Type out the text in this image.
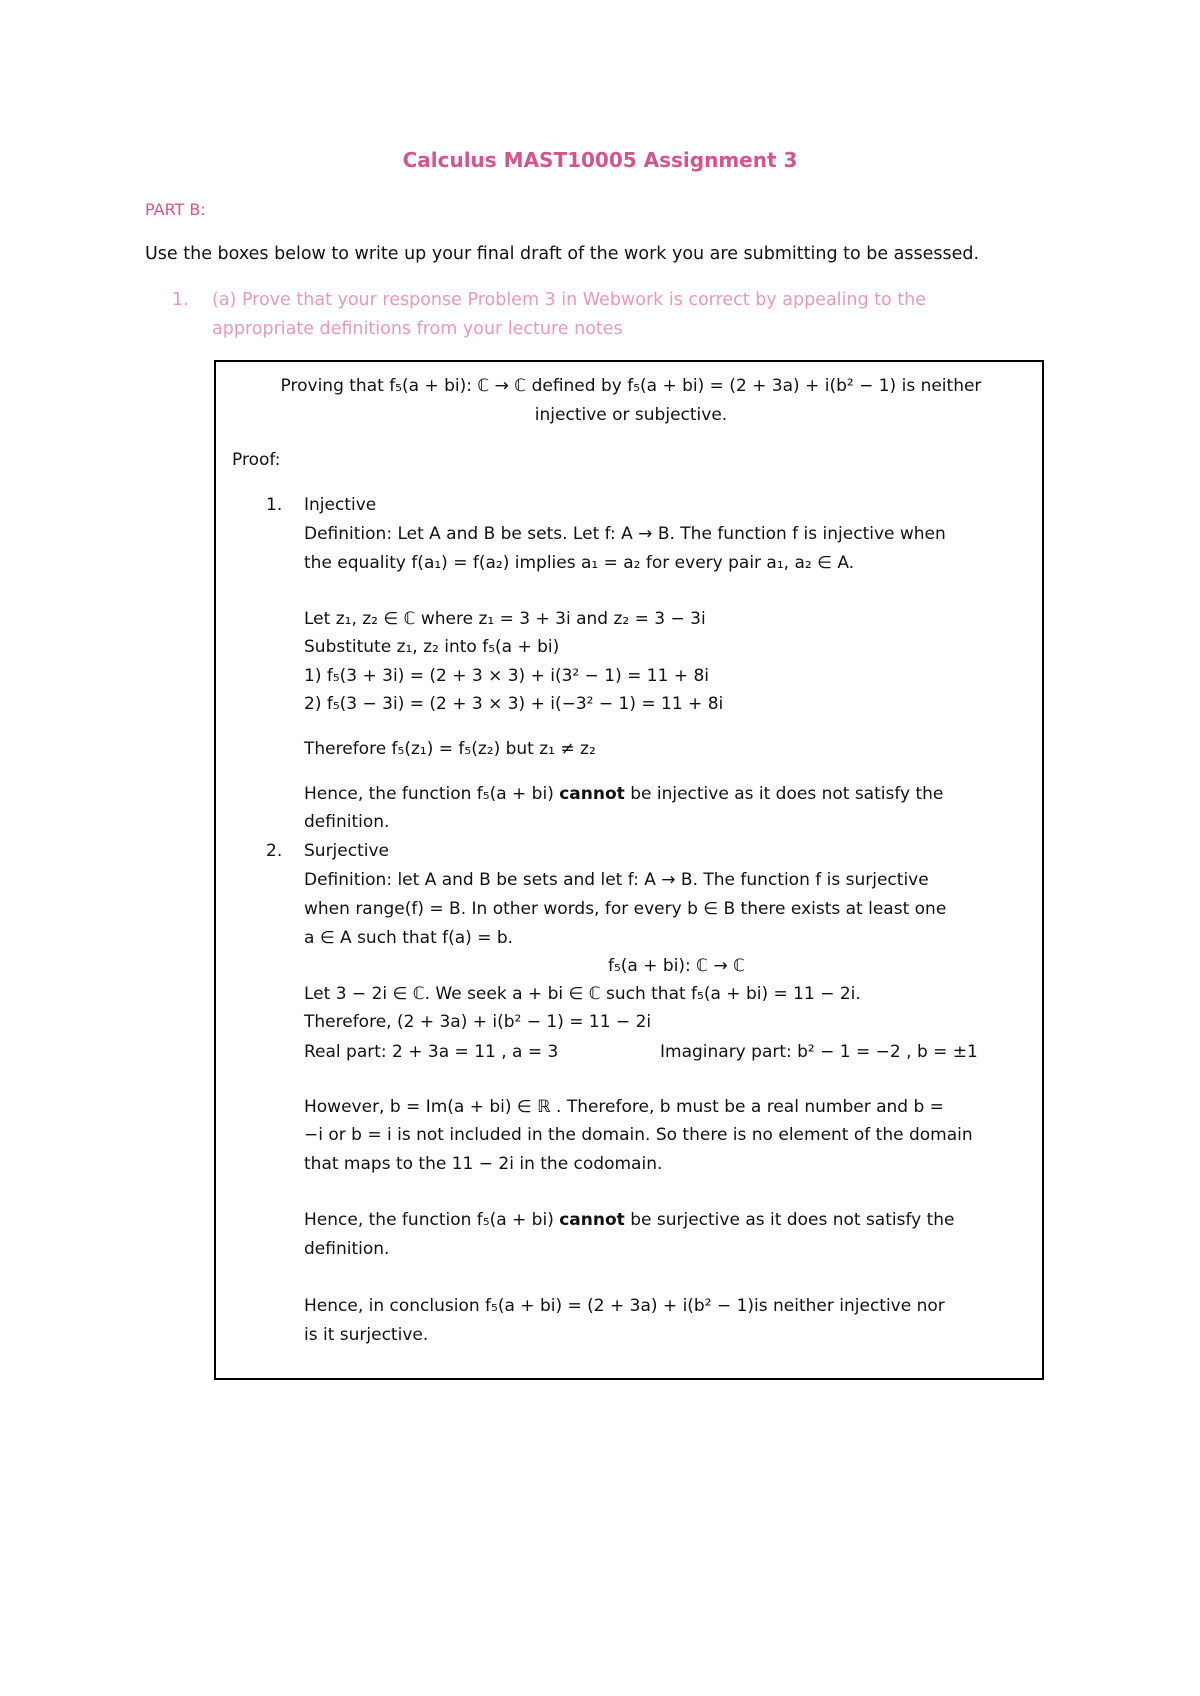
Calculus MAST10005 Assignment 3
PART B:
Use the boxes below to write up your final draft of the work you are submitting to be assessed.
1. (a) Prove that your response Problem 3 in Webwork is correct by appealing to the appropriate definitions from your lecture notes
Proving that f₅(a + bi): ℂ → ℂ defined by f₅(a + bi) = (2 + 3a) + i(b² − 1) is neither
injective or subjective.
Proof:
1. Injective
Definition: Let A and B be sets. Let f: A → B. The function f is injective when
the equality f(a₁) = f(a₂) implies a₁ = a₂ for every pair a₁, a₂ ∈ A.
Let z₁, z₂ ∈ ℂ where z₁ = 3 + 3i and z₂ = 3 − 3i
Substitute z₁, z₂ into f₅(a + bi)
1) f₅(3 + 3i) = (2 + 3 × 3) + i(3² − 1) = 11 + 8i
2) f₅(3 − 3i) = (2 + 3 × 3) + i(−3² − 1) = 11 + 8i
Therefore f₅(z₁) = f₅(z₂) but z₁ ≠ z₂
Hence, the function f₅(a + bi) cannot be injective as it does not satisfy the
definition.
2. Surjective
Definition: let A and B be sets and let f: A → B. The function f is surjective
when range(f) = B. In other words, for every b ∈ B there exists at least one
a ∈ A such that f(a) = b.
f₅(a + bi): ℂ → ℂ
Let 3 − 2i ∈ ℂ. We seek a + bi ∈ ℂ such that f₅(a + bi) = 11 − 2i.
Therefore, (2 + 3a) + i(b² − 1) = 11 − 2i
Real part: 2 + 3a = 11 , a = 3	Imaginary part: b² − 1 = −2 , b = ±1
However, b = Im(a + bi) ∈ ℝ . Therefore, b must be a real number and b =
−i or b = i is not included in the domain. So there is no element of the domain
that maps to the 11 − 2i in the codomain.
Hence, the function f₅(a + bi) cannot be surjective as it does not satisfy the
definition.
Hence, in conclusion f₅(a + bi) = (2 + 3a) + i(b² − 1)is neither injective nor
is it surjective.
